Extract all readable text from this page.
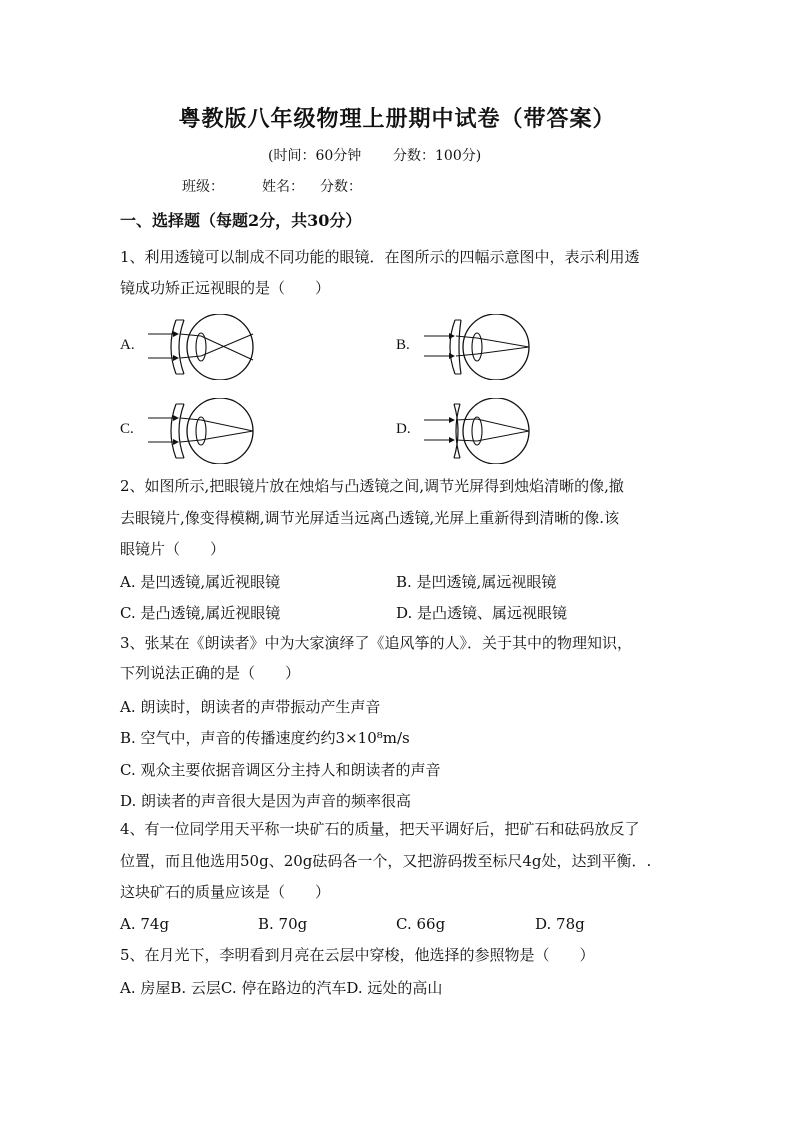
粤教版八年级物理上册期中试卷（带答案）
(时间：60分钟 分数：100分)
班级：	姓名： 分数：
一、选择题（每题2分，共30分）
1、利用透镜可以制成不同功能的眼镜．在图所示的四幅示意图中，表示利用透
镜成功矫正远视眼的是（　　）
A.	B.
C.	D.
2、如图所示,把眼镜片放在烛焰与凸透镜之间,调节光屏得到烛焰清晰的像,撤
去眼镜片,像变得模糊,调节光屏适当远离凸透镜,光屏上重新得到清晰的像.该
眼镜片（　　）
A. 是凹透镜,属近视眼镜	B. 是凹透镜,属远视眼镜
C. 是凸透镜,属近视眼镜	D. 是凸透镜、属远视眼镜
3、张某在《朗读者》中为大家演绎了《追风筝的人》．关于其中的物理知识，
下列说法正确的是（　　）
A. 朗读时，朗读者的声带振动产生声音
B. 空气中，声音的传播速度约约3×10⁸m/s
C. 观众主要依据音调区分主持人和朗读者的声音
D. 朗读者的声音很大是因为声音的频率很高
4、有一位同学用天平称一块矿石的质量，把天平调好后，把矿石和砝码放反了
位置，而且他选用50g、20g砝码各一个，又把游码拨至标尺4g处，达到平衡．.
这块矿石的质量应该是（　　）
A. 74g	B. 70g	C. 66g	D. 78g
5、在月光下，李明看到月亮在云层中穿梭，他选择的参照物是（　　）
A. 房屋B. 云层C. 停在路边的汽车D. 远处的高山
